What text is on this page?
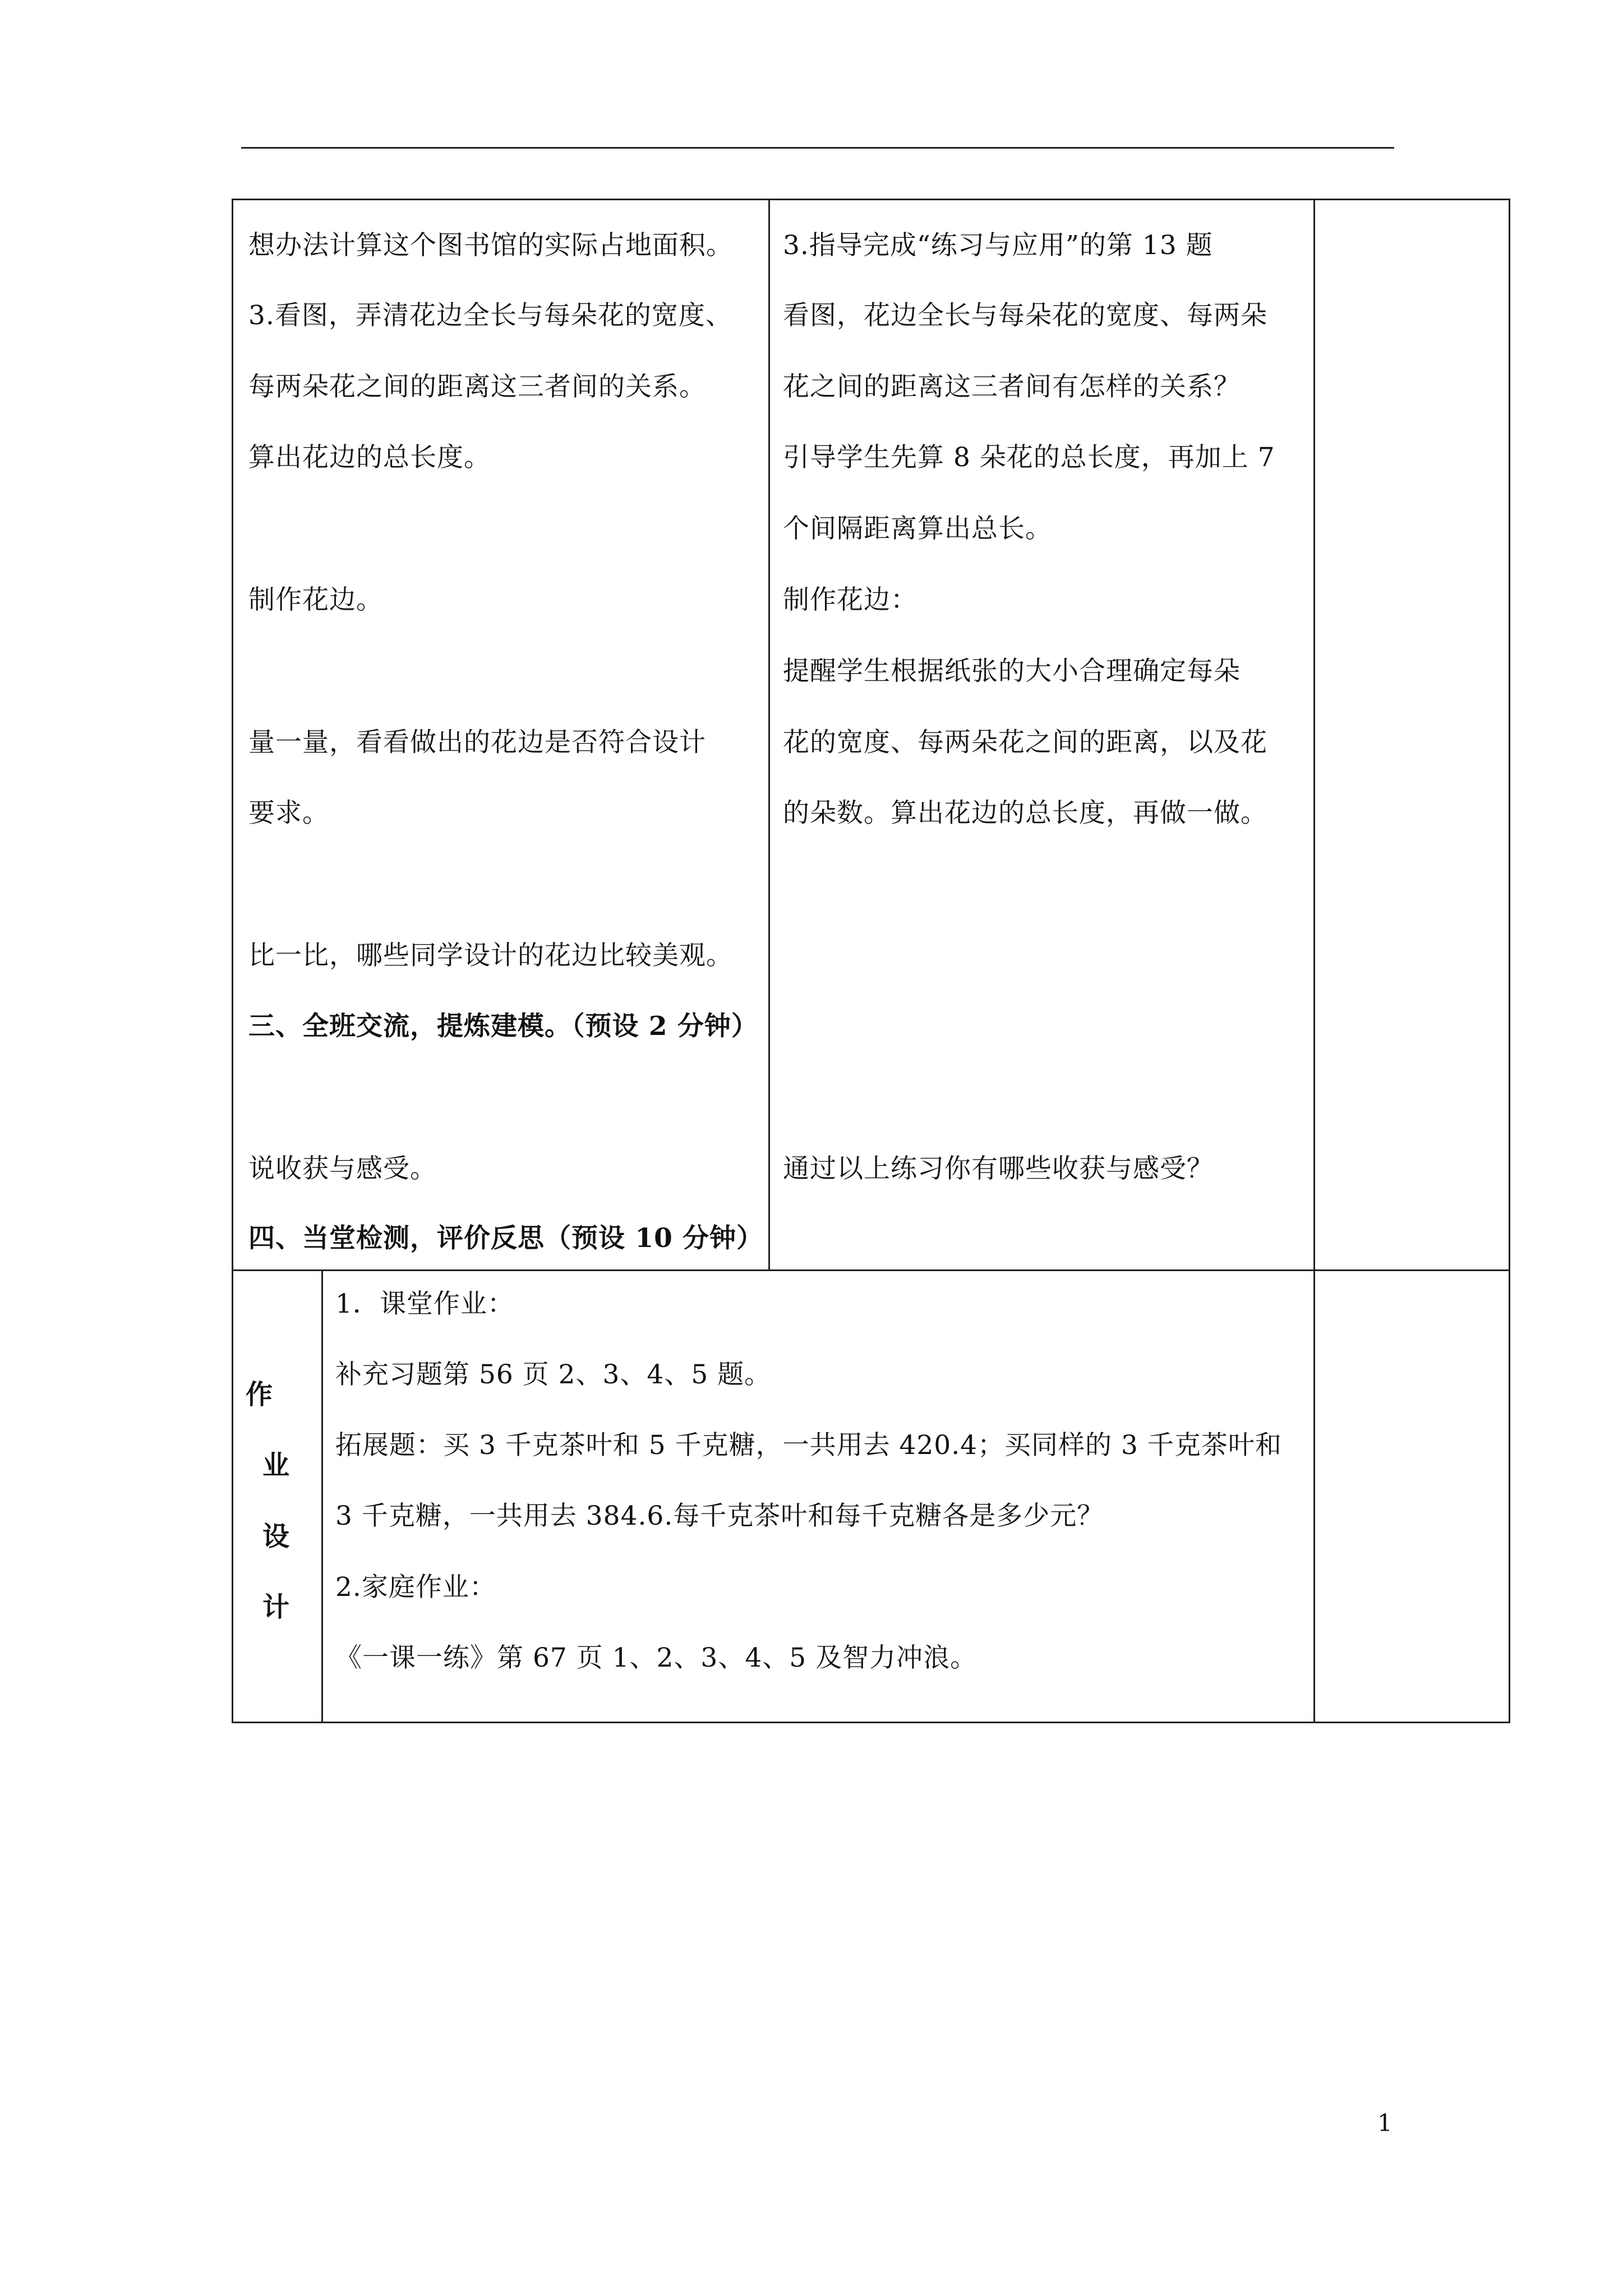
想办法计算这个图书馆的实际占地面积。
3.看图，弄清花边全长与每朵花的宽度、
每两朵花之间的距离这三者间的关系。
算出花边的总长度。
制作花边。
量一量，看看做出的花边是否符合设计
要求。
比一比，哪些同学设计的花边比较美观。
三、全班交流，提炼建模。（预设 2 分钟）
说收获与感受。
四、当堂检测，评价反思（预设 10 分钟）
3.指导完成“练习与应用”的第 13 题
看图，花边全长与每朵花的宽度、每两朵
花之间的距离这三者间有怎样的关系？
引导学生先算 8 朵花的总长度，再加上 7
个间隔距离算出总长。
制作花边：
提醒学生根据纸张的大小合理确定每朵
花的宽度、每两朵花之间的距离，以及花
的朵数。算出花边的总长度，再做一做。
通过以上练习你有哪些收获与感受？
作
业
设
计
1．课堂作业：
补充习题第 56 页 2、3、4、5 题。
拓展题：买 3 千克茶叶和 5 千克糖，一共用去 420.4；买同样的 3 千克茶叶和
3 千克糖，一共用去 384.6.每千克茶叶和每千克糖各是多少元？
2.家庭作业：
《一课一练》第 67 页 1、2、3、4、5 及智力冲浪。
1
